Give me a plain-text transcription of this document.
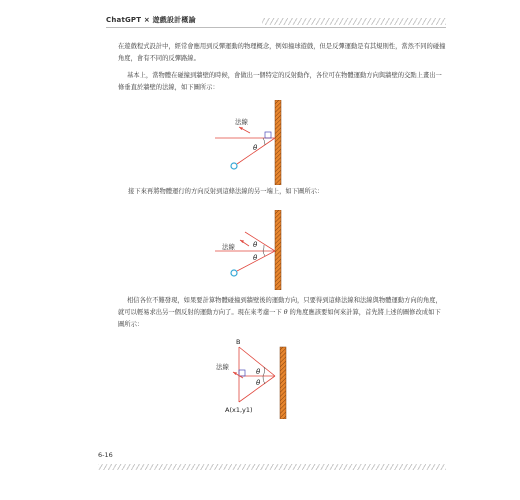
ChatGPT × 遊戲設計概論

在遊戲程式設計中，經常會應用到反彈運動的物理概念，例如撞球遊戲，但是反彈運動是有其規則性，當然不同的碰撞角度，會有不同的反彈路線。

基本上，當物體在碰撞到牆壁的時候，會做出一個特定的反射動作，各位可在物體運動方向與牆壁的交點上畫出一條垂直於牆壁的法線，如下圖所示：

法線
θ

接下來再將物體運行的方向反射到這條法線的另一端上，如下圖所示：

法線	θ
θ

相信各位不難發現，如果要計算物體碰撞到牆壁後的運動方向，只要得到這條法線和法線與物體運動方向的角度，就可以輕易求出另一個反射的運動方向了。現在來考慮一下 θ 的角度應該要如何來計算，首先將上述的圖修改成如下圖所示：

法線
B
θ
θ
A(x1,y1)
6-16
